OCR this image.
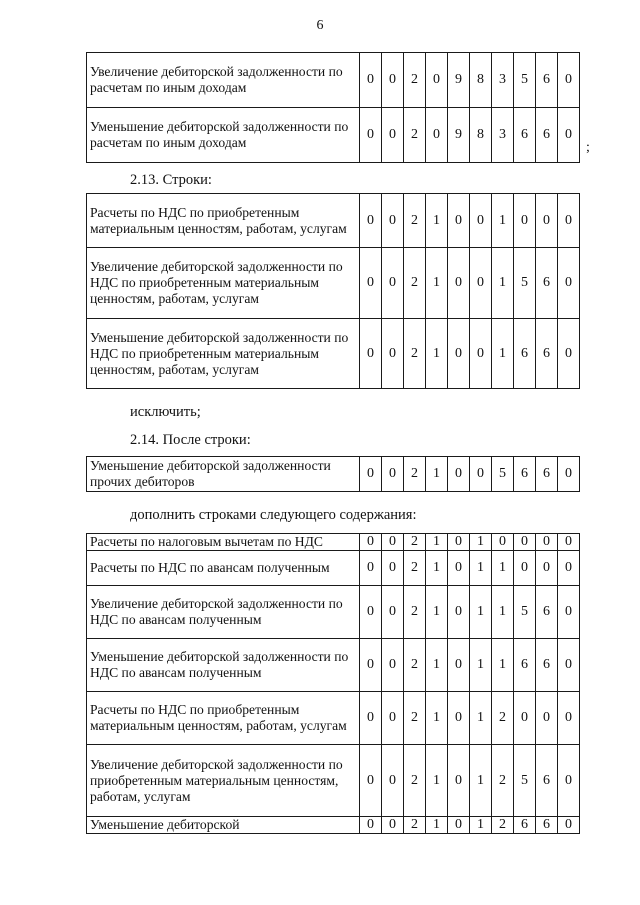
6
Увеличение дебиторской задолженности по расчетам по иным доходам	0	0	2	0	9	8	3	5	6	0
Уменьшение дебиторской задолженности по расчетам по иным доходам	0	0	2	0	9	8	3	6	6	0
;
2.13. Строки:
Расчеты по НДС по приобретенным материальным ценностям, работам, услугам	0	0	2	1	0	0	1	0	0	0
Увеличение дебиторской задолженности по НДС по приобретенным материальным ценностям, работам, услугам	0	0	2	1	0	0	1	5	6	0
Уменьшение дебиторской задолженности по НДС по приобретенным материальным ценностям, работам, услугам	0	0	2	1	0	0	1	6	6	0
исключить;
2.14. После строки:
Уменьшение дебиторской задолженности прочих дебиторов	0	0	2	1	0	0	5	6	6	0
дополнить строками следующего содержания:
Расчеты по налоговым вычетам по НДС	0	0	2	1	0	1	0	0	0	0
Расчеты по НДС по авансам полученным	0	0	2	1	0	1	1	0	0	0
Увеличение дебиторской задолженности по НДС по авансам полученным	0	0	2	1	0	1	1	5	6	0
Уменьшение дебиторской задолженности по НДС по авансам полученным	0	0	2	1	0	1	1	6	6	0
Расчеты по НДС по приобретенным материальным ценностям, работам, услугам	0	0	2	1	0	1	2	0	0	0
Увеличение дебиторской задолженности по приобретенным материальным ценностям, работам, услугам	0	0	2	1	0	1	2	5	6	0
Уменьшение дебиторской	0	0	2	1	0	1	2	6	6	0
